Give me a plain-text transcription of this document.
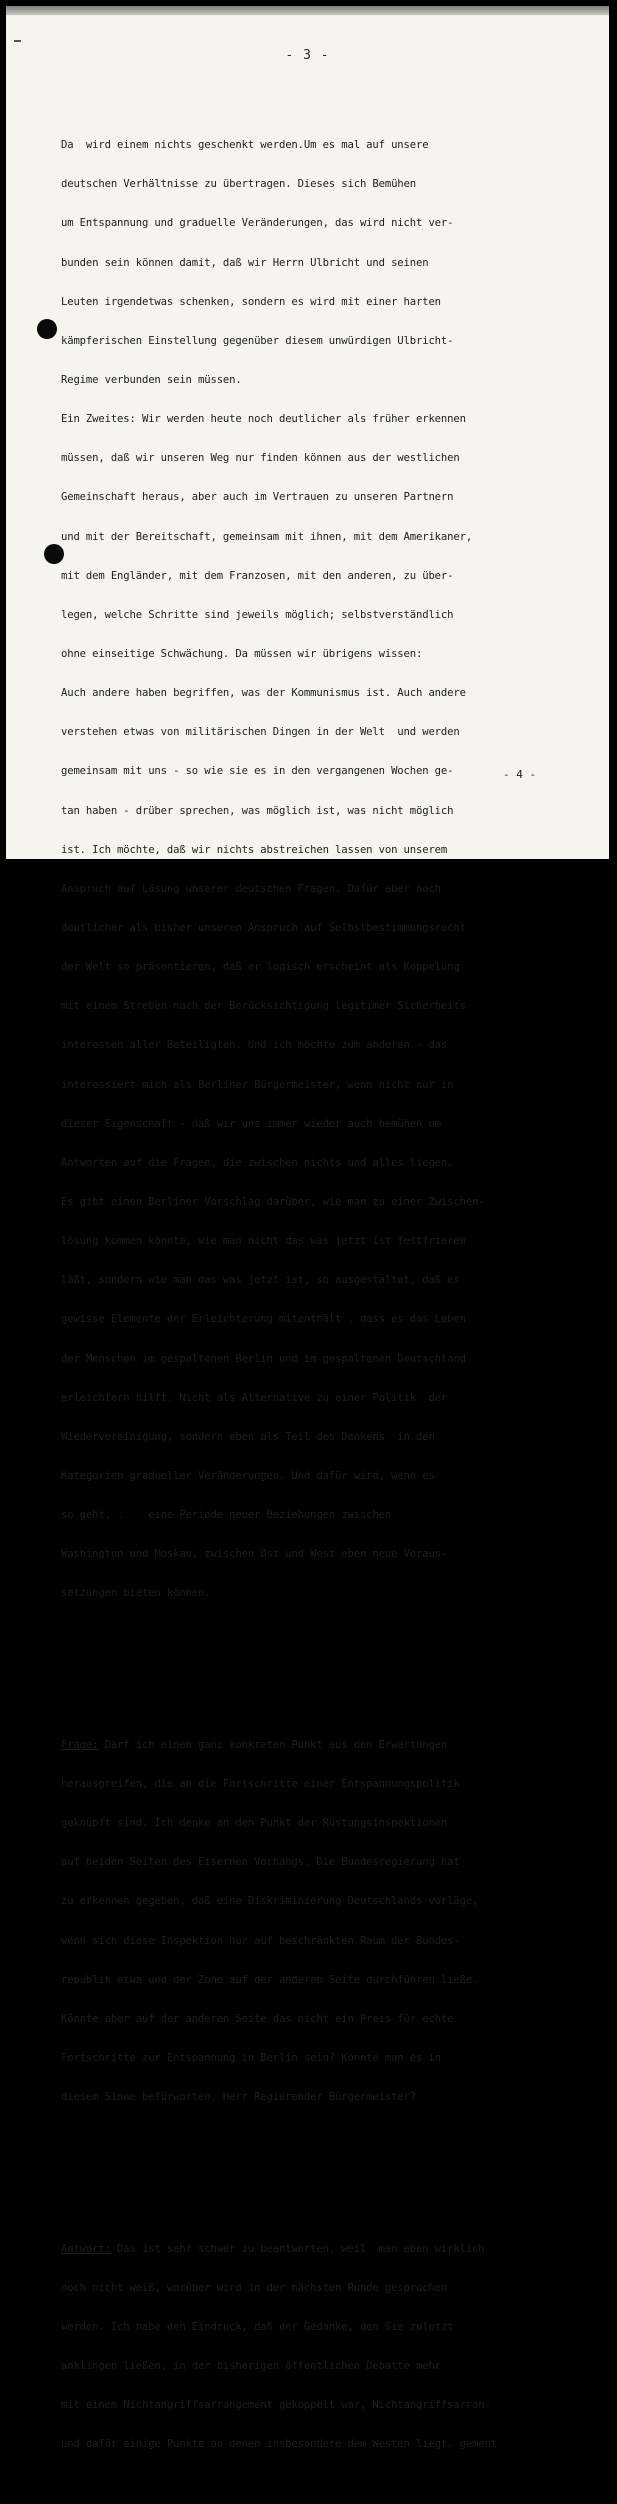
- 3 -

Da  wird einem nichts geschenkt werden.Um es mal auf unsere

deutschen Verhältnisse zu übertragen. Dieses sich Bemühen

um Entspannung und graduelle Veränderungen, das wird nicht ver-

bunden sein können damit, daß wir Herrn Ulbricht und seinen

Leuten irgendetwas schenken, sondern es wird mit einer harten

kämpferischen Einstellung gegenüber diesem unwürdigen Ulbricht-

Regime verbunden sein müssen.

Ein Zweites: Wir werden heute noch deutlicher als früher erkennen

müssen, daß wir unseren Weg nur finden können aus der westlichen

Gemeinschaft heraus, aber auch im Vertrauen zu unseren Partnern

und mit der Bereitschaft, gemeinsam mit ihnen, mit dem Amerikaner,

mit dem Engländer, mit dem Franzosen, mit den anderen, zu über-

legen, welche Schritte sind jeweils möglich; selbstverständlich

ohne einseitige Schwächung. Da müssen wir übrigens wissen:

Auch andere haben begriffen, was der Kommunismus ist. Auch andere

verstehen etwas von militärischen Dingen in der Welt  und werden

gemeinsam mit uns - so wie sie es in den vergangenen Wochen ge-

tan haben - drüber sprechen, was möglich ist, was nicht möglich

ist. Ich möchte, daß wir nichts abstreichen lassen von unserem

Anspruch auf Lösung unserer deutschen Fragen. Dafür aber noch

deutlicher als bisher unseren Anspruch auf Selbstbestimmungsrecht

der Welt so präsentieren, daß er logisch erscheint als Koppelung

mit einem Streben nach der Berücksichtigung legitimer Sicherheits-

interessen aller Beteiligten. Und ich möchte zum anderen - das

interessiert mich als Berliner Bürgermeister, wenn nicht nur in

dieser Eigenschaft - daß wir uns immer wieder auch bemühen um

Antworten auf die Fragen, die zwischen nichts und alles liegen.

Es gibt einen Berliner Vorschlag darüber, wie man zu einer Zwischen-

lösung kommen könnte, wie man nicht das was jetzt ist festfrieren

läßt, sondern wie man das was jetzt ist, so ausgestaltet, daß es

gewisse Elemente der Erleichterung mitenthält , dass es das Leben

der Menschen im gespaltenen Berlin und im gespaltenen Deutschland

erleichtern hilft. Nicht als Alternative zu einer Politik  der

Wiedervereinigung, sondern eben als Teil des Denkens  in den

Kategorien gradueller Veränderungen. Und dafür wird, wenn es

so geht, .    eine Periode neuer Beziehungen zwischen

Washington und Moskau, zwischen Ost und West eben neue Voraus-

setzungen bieten können.

Frage: Darf ich einen ganz konkreten Punkt aus den Erwartungen

herausgreifen, die an die Fortschritte einer Entspannungspolitik

geknüpft sind. Ich denke an den Punkt der Rüstungsinspektionen

auf beiden Seiten des Eisernen Vorhangs. Die Bundesregierung hat

zu erkennen gegeben, daß eine Diskriminierung Deutschlands vorläge,

wenn sich diese Inspektion nur auf beschränkten Raum der Bundes-

republik etwa und der Zone auf der anderen Seite durchführen ließe.

Könnte aber auf der anderen Seite das nicht ein Preis für echte

Fortschritte zur Entspannung in Berlin sein? Könnte man es in

diesem Sinne befürworten, Herr Regierender Bürgermeister?

Antwort: Das ist sehr schwer zu beantworten, weil  man eben wirklich

noch nicht weiß, worüber wird in der nächsten Runde gesprochen

werden. Ich habe den Eindruck, daß der Gedanke, den Sie zuletzt

anklingen ließen, in der bisherigen öffentlichen Debatte mehr

mit einem Nichtangriffsarrangement gekoppelt war, Nichtangriffsarran-

und dafür einige Punkte an denen insbesondere dem Westen liegt. gement

- 4 -
